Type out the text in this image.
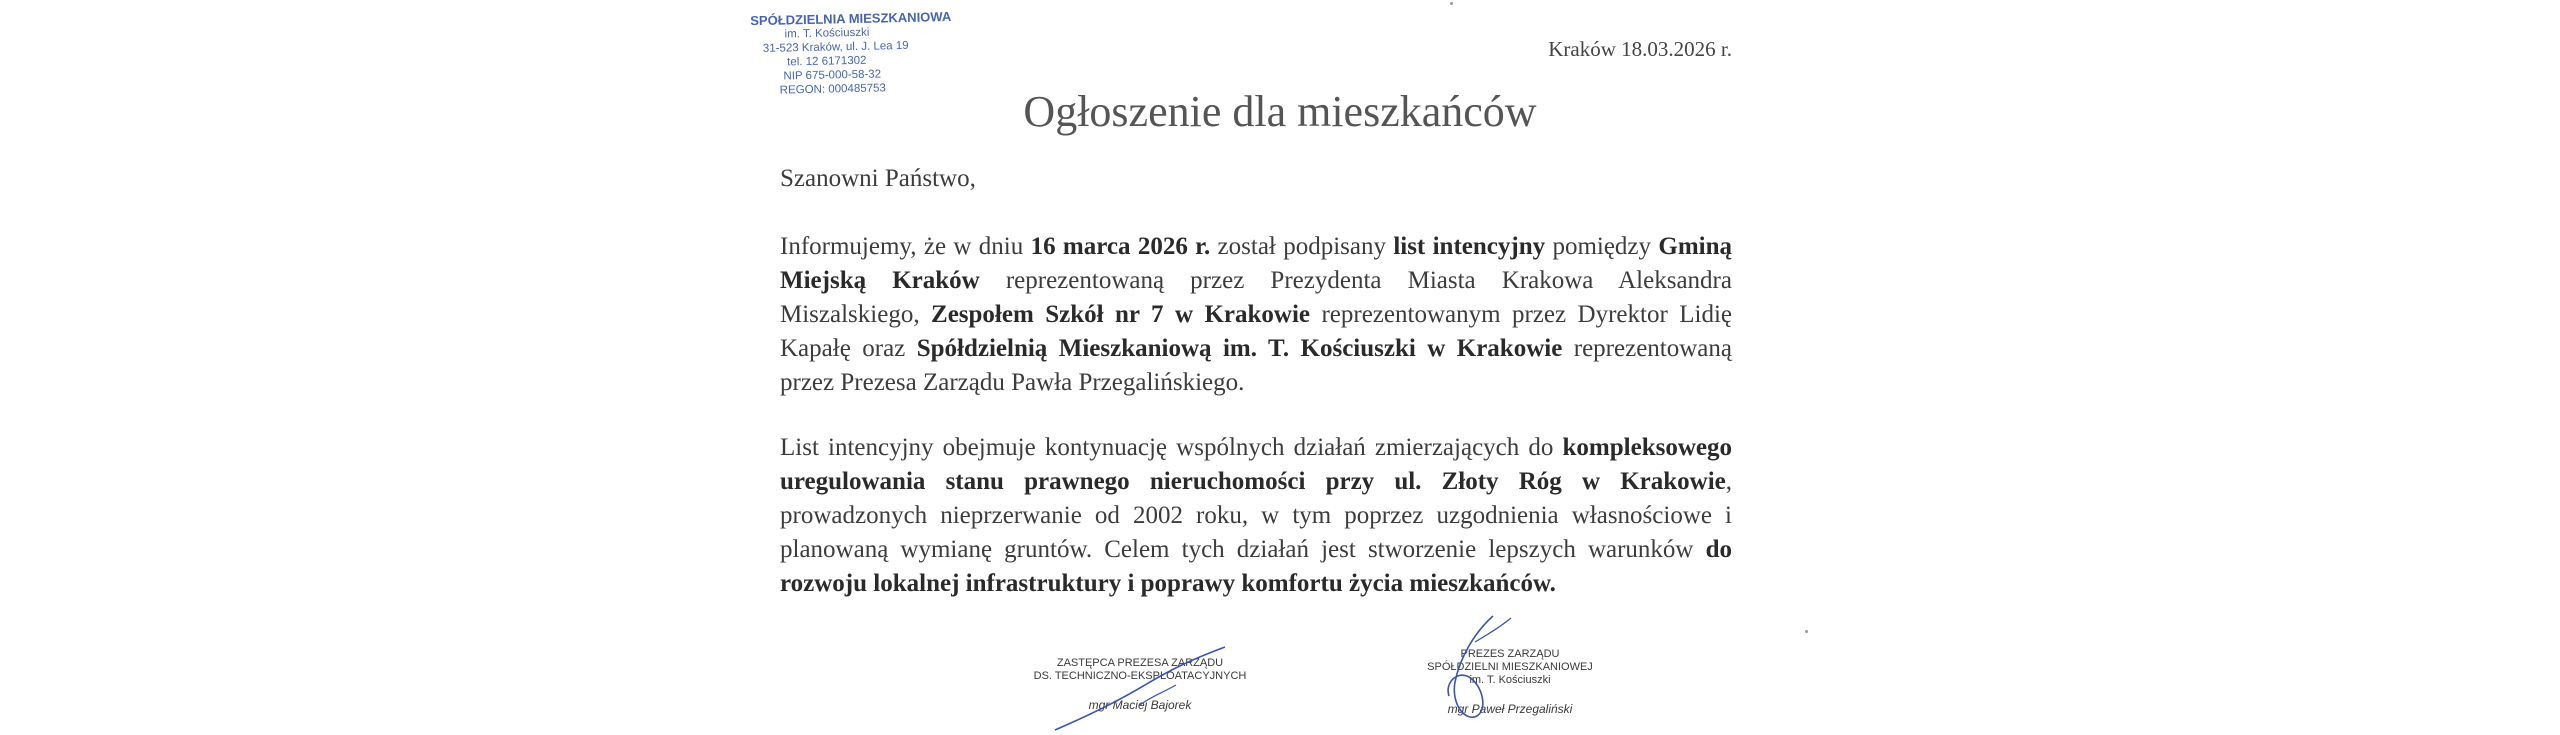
SPÓŁDZIELNIA MIESZKANIOWA
im. T. Kościuszki
31-523 Kraków, ul. J. Lea 19
tel. 12 6171302
NIP 675-000-58-32
REGON: 000485753
Kraków 18.03.2026 r.
Ogłoszenie dla mieszkańców
Szanowni Państwo,

Informujemy, że w dniu 16 marca 2026 r. został podpisany list intencyjny pomiędzy Gminą Miejską Kraków reprezentowaną przez Prezydenta Miasta Krakowa Aleksandra Miszalskiego, Zespołem Szkół nr 7 w Krakowie reprezentowanym przez Dyrektor Lidię Kapałę oraz Spółdzielnią Mieszkaniową im. T. Kościuszki w Krakowie reprezentowaną przez Prezesa Zarządu Pawła Przegalińskiego.

List intencyjny obejmuje kontynuację wspólnych działań zmierzających do kompleksowego uregulowania stanu prawnego nieruchomości przy ul. Złoty Róg w Krakowie, prowadzonych nieprzerwanie od 2002 roku, w tym poprzez uzgodnienia własnościowe i planowaną wymianę gruntów. Celem tych działań jest stworzenie lepszych warunków do rozwoju lokalnej infrastruktury i poprawy komfortu życia mieszkańców.

ZASTĘPCA PREZESA ZARZĄDU
DS. TECHNICZNO-EKSPLOATACYJNYCH
mgr Maciej Bajorek
PREZES ZARZĄDU
SPÓŁDZIELNI MIESZKANIOWEJ
im. T. Kościuszki
mgr Paweł Przegaliński
